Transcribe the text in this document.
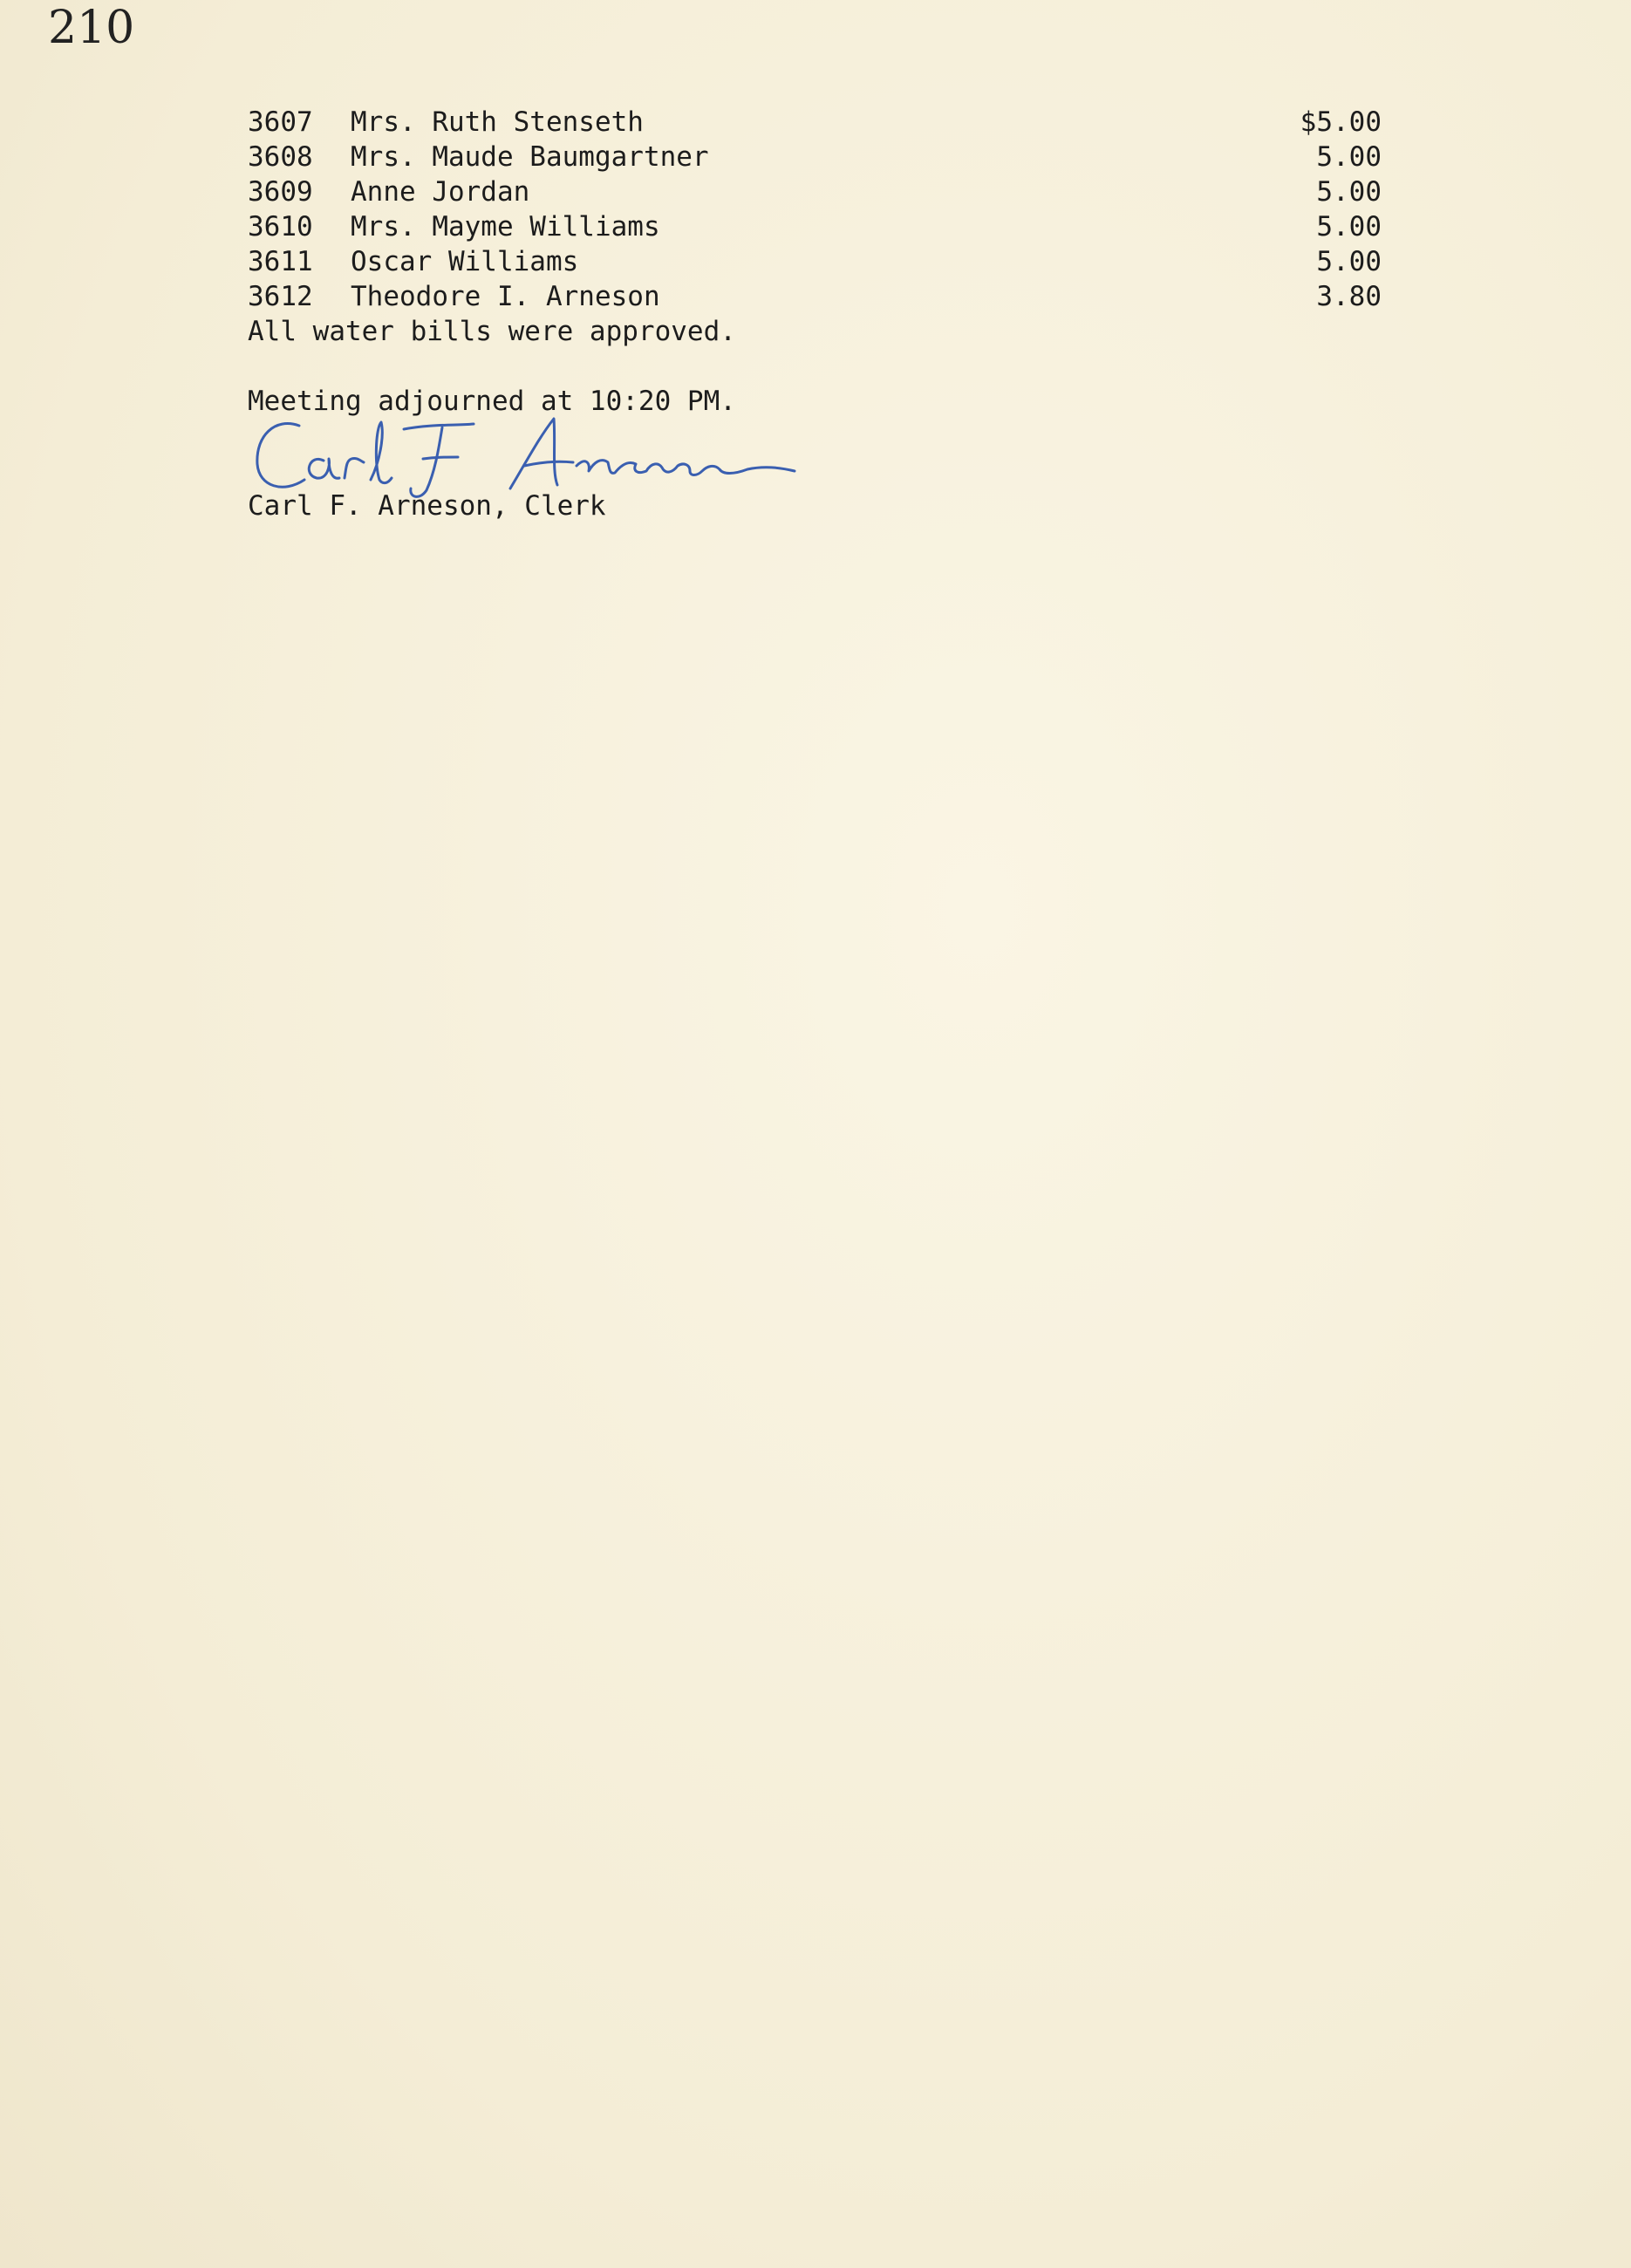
210
3607 Mrs. Ruth Stenseth	$5.00
3608 Mrs. Maude Baumgartner	5.00
3609 Anne Jordan	5.00
3610 Mrs. Mayme Williams	5.00
3611 Oscar Williams	5.00
3612 Theodore I. Arneson	3.80
All water bills were approved.
Meeting adjourned at 10:20 PM.
Carl F. Arneson, Clerk
